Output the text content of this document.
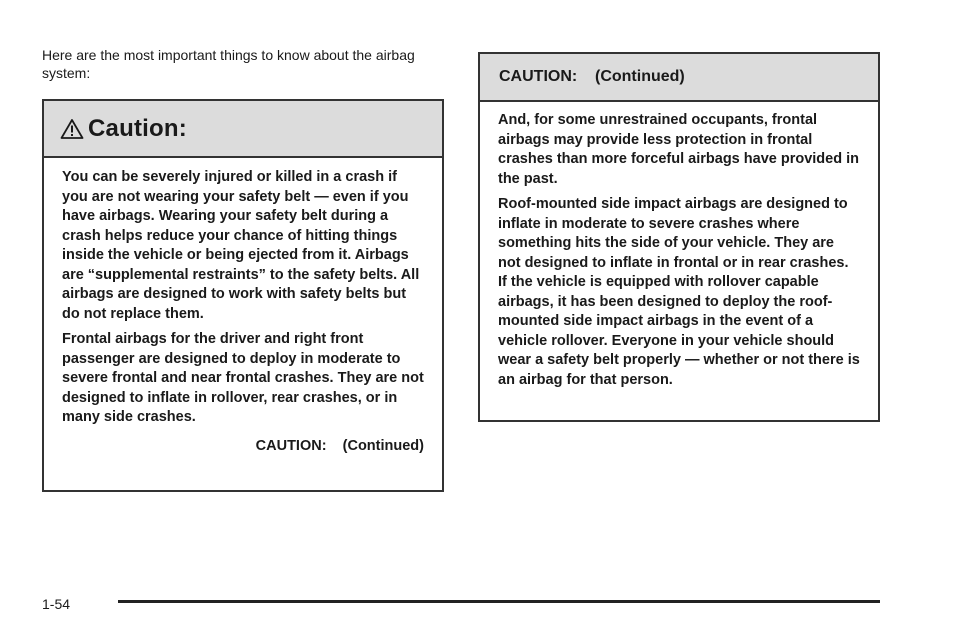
Here are the most important things to know about the airbag system:

Caution:

You can be severely injured or killed in a crash if you are not wearing your safety belt — even if you have airbags. Wearing your safety belt during a crash helps reduce your chance of hitting things inside the vehicle or being ejected from it. Airbags are “supplemental restraints” to the safety belts. All airbags are designed to work with safety belts but do not replace them.

Frontal airbags for the driver and right front passenger are designed to deploy in moderate to severe frontal and near frontal crashes. They are not designed to inflate in rollover, rear crashes, or in many side crashes.

CAUTION:    (Continued)
CAUTION:    (Continued)

And, for some unrestrained occupants, frontal airbags may provide less protection in frontal crashes than more forceful airbags have provided in the past.

Roof-mounted side impact airbags are designed to inflate in moderate to severe crashes where something hits the side of your vehicle. They are not designed to inflate in frontal or in rear crashes. If the vehicle is equipped with rollover capable airbags, it has been designed to deploy the roof-mounted side impact airbags in the event of a vehicle rollover. Everyone in your vehicle should wear a safety belt properly — whether or not there is an airbag for that person.

1-54
